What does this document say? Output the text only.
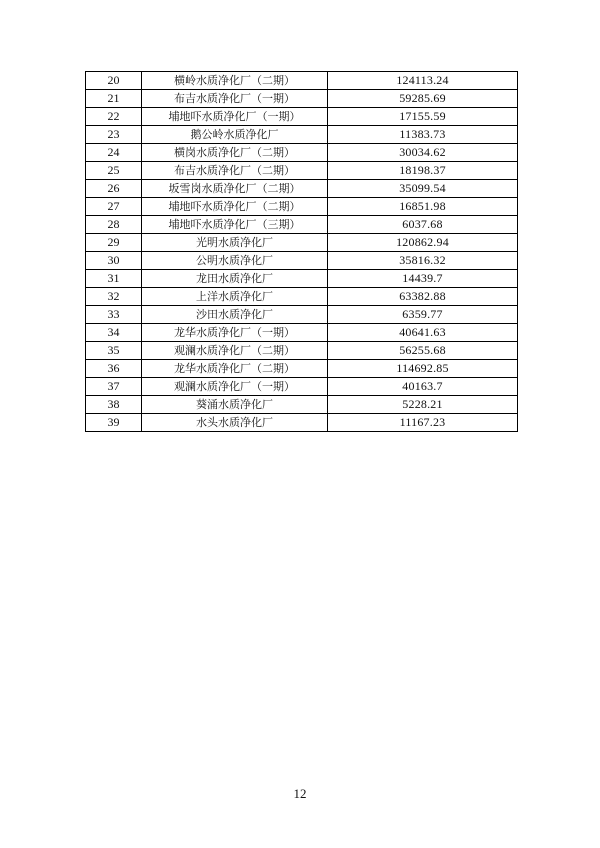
20	横岭水质净化厂（二期）	124113.24
21	布吉水质净化厂（一期）	59285.69
22	埔地吓水质净化厂（一期）	17155.59
23	鹅公岭水质净化厂	11383.73
24	横岗水质净化厂（二期）	30034.62
25	布吉水质净化厂（二期）	18198.37
26	坂雪岗水质净化厂（二期）	35099.54
27	埔地吓水质净化厂（二期）	16851.98
28	埔地吓水质净化厂（三期）	6037.68
29	光明水质净化厂	120862.94
30	公明水质净化厂	35816.32
31	龙田水质净化厂	14439.7
32	上洋水质净化厂	63382.88
33	沙田水质净化厂	6359.77
34	龙华水质净化厂（一期）	40641.63
35	观澜水质净化厂（二期）	56255.68
36	龙华水质净化厂（二期）	114692.85
37	观澜水质净化厂（一期）	40163.7
38	葵涌水质净化厂	5228.21
39	水头水质净化厂	11167.23
12
